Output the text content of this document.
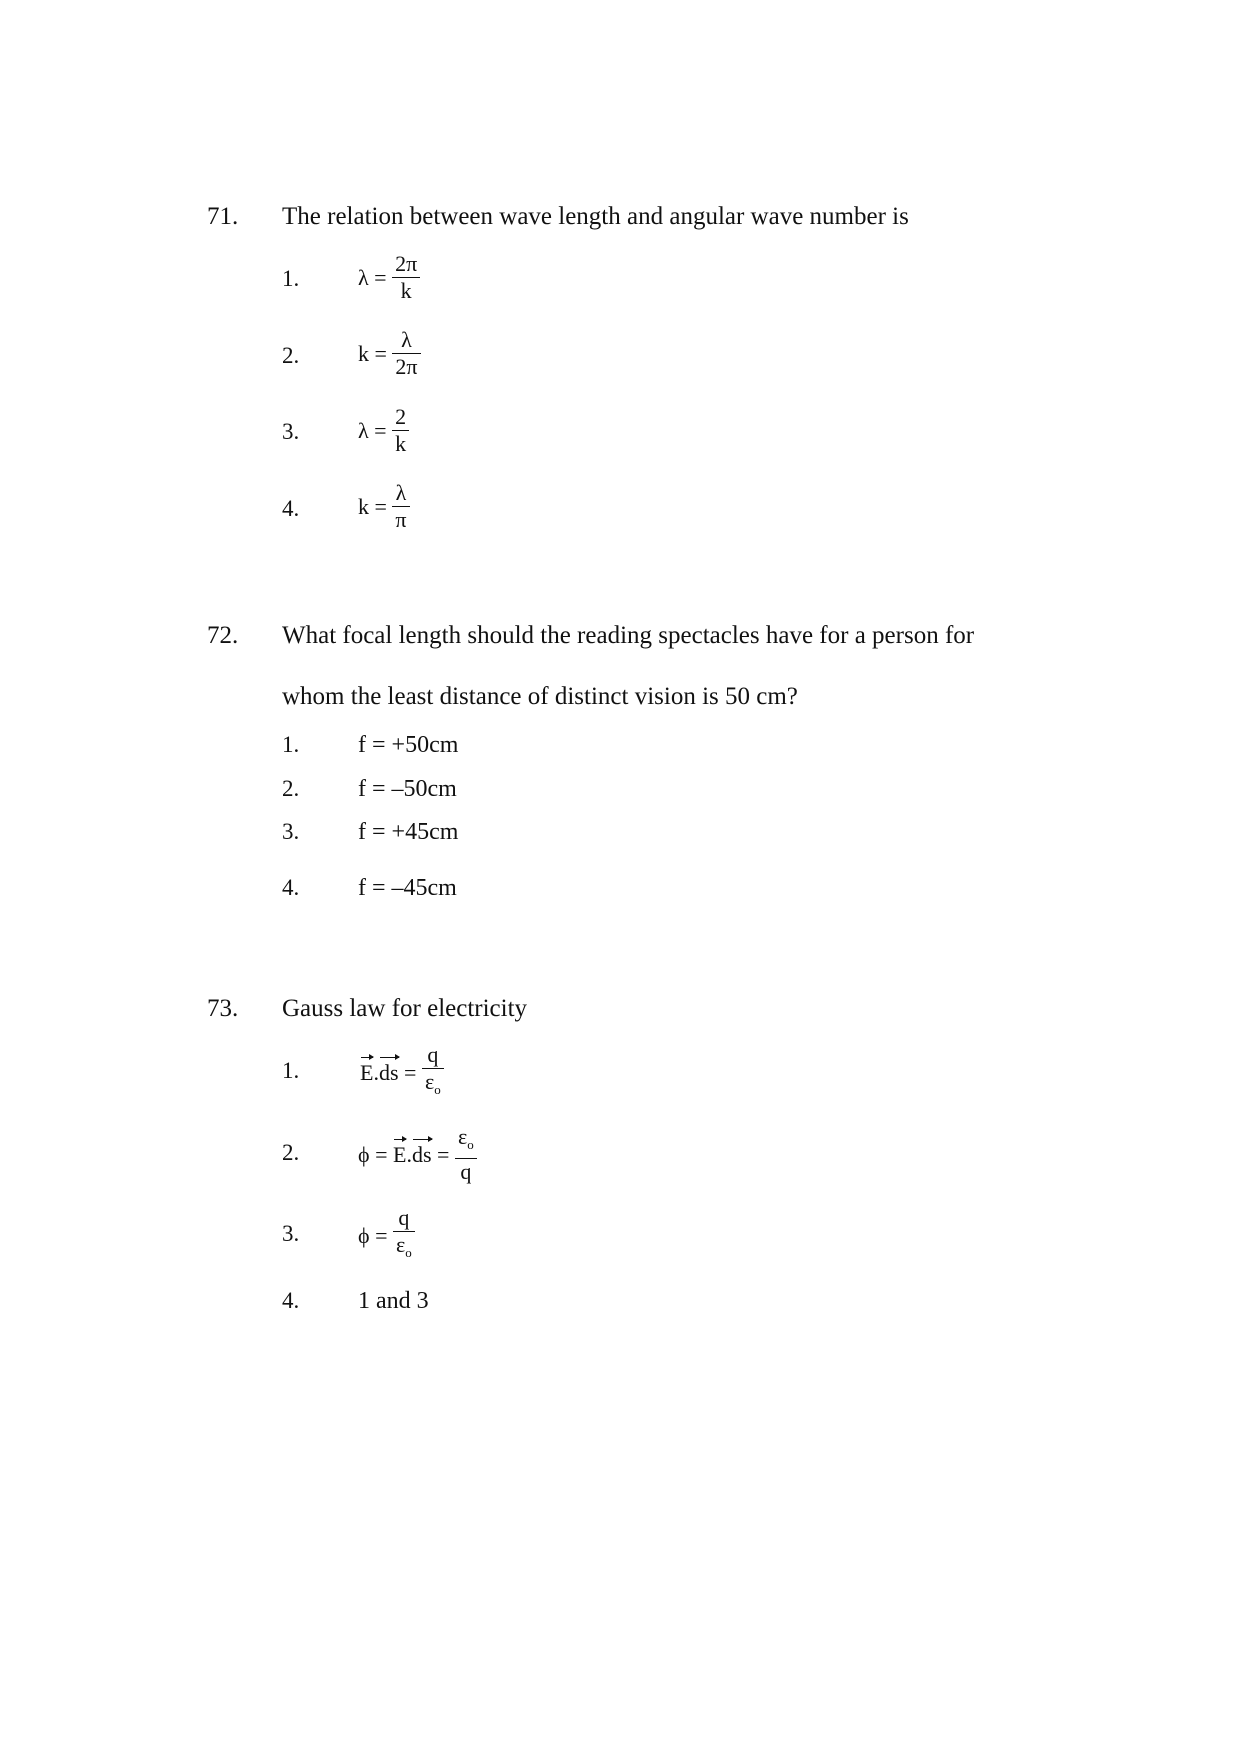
71. The relation between wave length and angular wave number is
1.	$\lambda = \frac{2\pi}{k}$
2.	$k = \frac{\lambda}{2\pi}$
3.	$\lambda = \frac{2}{k}$
4.	$k = \frac{\lambda}{\pi}$
72. What focal length should the reading spectacles have for a person for
whom the least distance of distinct vision is 50 cm?
1. f = +50cm
2. f = –50cm
3. f = +45cm
4. f = –45cm
73. Gauss law for electricity
1.	$E.ds = \frac{q}{\varepsilon_o}$
2.	$\phi = E.ds = \frac{\varepsilon_o}{q}$
3.	$\phi = \frac{q}{\varepsilon_o}$
4. 1 and 3
